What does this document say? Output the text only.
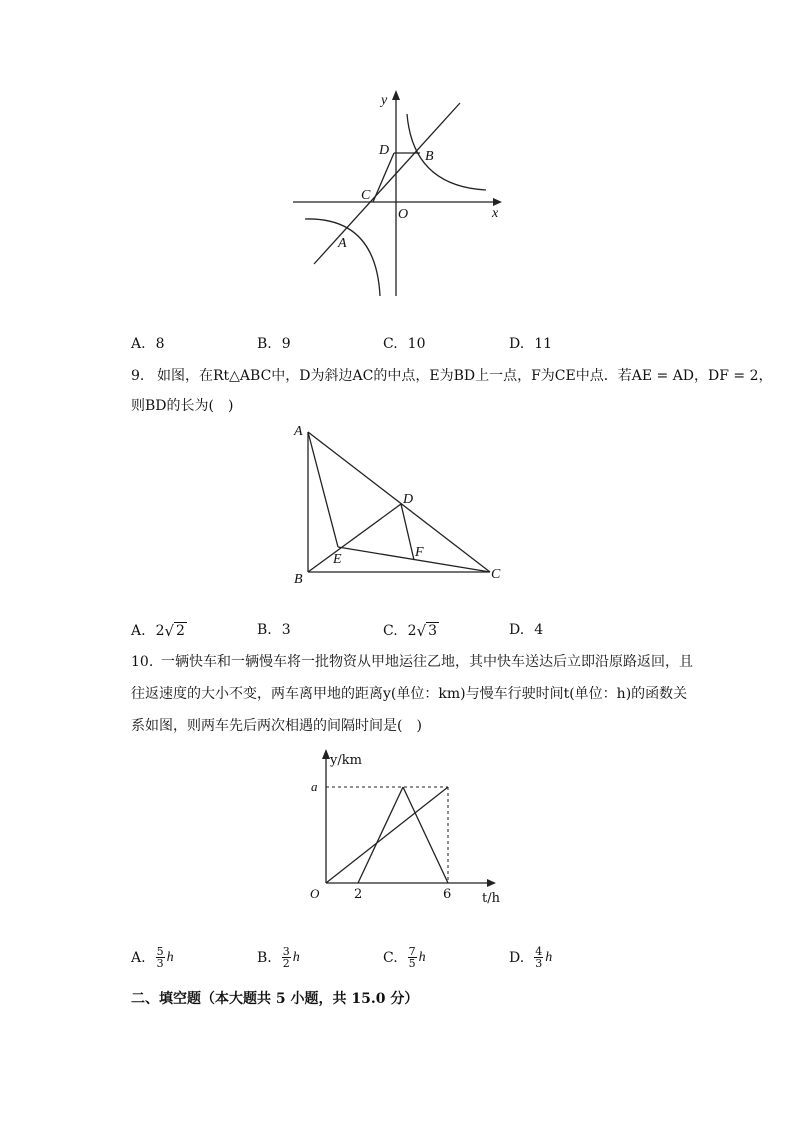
y
x
O
D	B
C
A
A. 8	B. 9	C. 10	D. 11
9. 如图，在Rt△ABC中，D为斜边AC的中点，E为BD上一点，F为CE中点．若AE = AD，DF = 2，
则BD的长为(　)
A
B	C
D
E	F
A. 2 √ 2	B. 3	C. 2 √ 3	D. 4
10. 一辆快车和一辆慢车将一批物资从甲地运往乙地，其中快车送达后立即沿原路返回，且
往返速度的大小不变，两车离甲地的距离y(单位：km)与慢车行驶时间t(单位：h)的函数关
系如图，则两车先后两次相遇的间隔时间是(　)
y/km
t/h
O
a
2	6
A. $\frac{5}{3}$ h	B. $\frac{3}{2}$ h	C. $\frac{7}{5}$ h	D. $\frac{4}{3}$ h
二、填空题（本大题共 5 小题，共 15.0 分）
